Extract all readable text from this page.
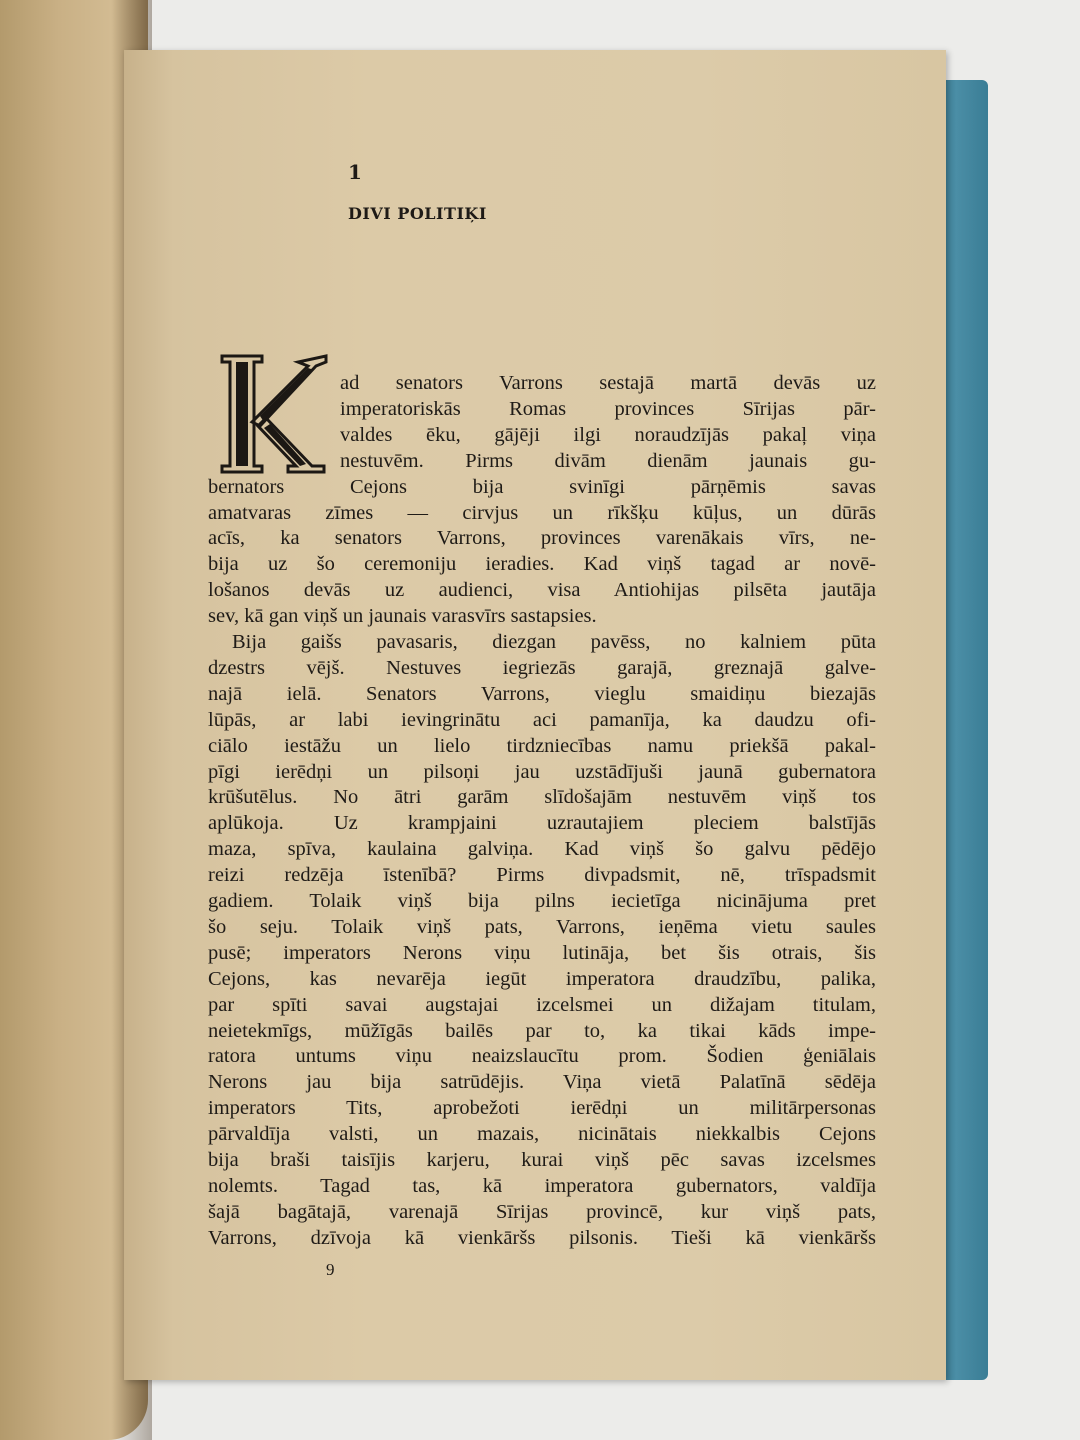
1
DIVI POLITIĶI
ad senators Varrons sestajā martā devās uz
imperatoriskās Romas provinces Sīrijas pār-
valdes ēku, gājēji ilgi noraudzījās pakaļ viņa
nestuvēm. Pirms divām dienām jaunais gu-
bernators Cejons bija svinīgi pārņēmis savas
amatvaras zīmes — cirvjus un rīkšķu kūļus, un dūrās
acīs, ka senators Varrons, provinces varenākais vīrs, ne-
bija uz šo ceremoniju ieradies. Kad viņš tagad ar novē-
lošanos devās uz audienci, visa Antiohijas pilsēta jautāja
sev, kā gan viņš un jaunais varasvīrs sastapsies.
Bija gaišs pavasaris, diezgan pavēss, no kalniem pūta
dzestrs vējš. Nestuves iegriezās garajā, greznajā galve-
najā ielā. Senators Varrons, vieglu smaidiņu biezajās
lūpās, ar labi ievingrinātu aci pamanīja, ka daudzu ofi-
ciālo iestāžu un lielo tirdzniecības namu priekšā pakal-
pīgi ierēdņi un pilsoņi jau uzstādījuši jaunā gubernatora
krūšutēlus. No ātri garām slīdošajām nestuvēm viņš tos
aplūkoja. Uz krampjaini uzrautajiem pleciem balstījās
maza, spīva, kaulaina galviņa. Kad viņš šo galvu pēdējo
reizi redzēja īstenībā? Pirms divpadsmit, nē, trīspadsmit
gadiem. Tolaik viņš bija pilns iecietīga nicinājuma pret
šo seju. Tolaik viņš pats, Varrons, ieņēma vietu saules
pusē; imperators Nerons viņu lutināja, bet šis otrais, šis
Cejons, kas nevarēja iegūt imperatora draudzību, palika,
par spīti savai augstajai izcelsmei un dižajam titulam,
neietekmīgs, mūžīgās bailēs par to, ka tikai kāds impe-
ratora untums viņu neaizslaucītu prom. Šodien ģeniālais
Nerons jau bija satrūdējis. Viņa vietā Palatīnā sēdēja
imperators Tits, aprobežoti ierēdņi un militārpersonas
pārvaldīja valsti, un mazais, nicinātais niekkalbis Cejons
bija braši taisījis karjeru, kurai viņš pēc savas izcelsmes
nolemts. Tagad tas, kā imperatora gubernators, valdīja
šajā bagātajā, varenajā Sīrijas provincē, kur viņš pats,
Varrons, dzīvoja kā vienkāršs pilsonis. Tieši kā vienkāršs
9
